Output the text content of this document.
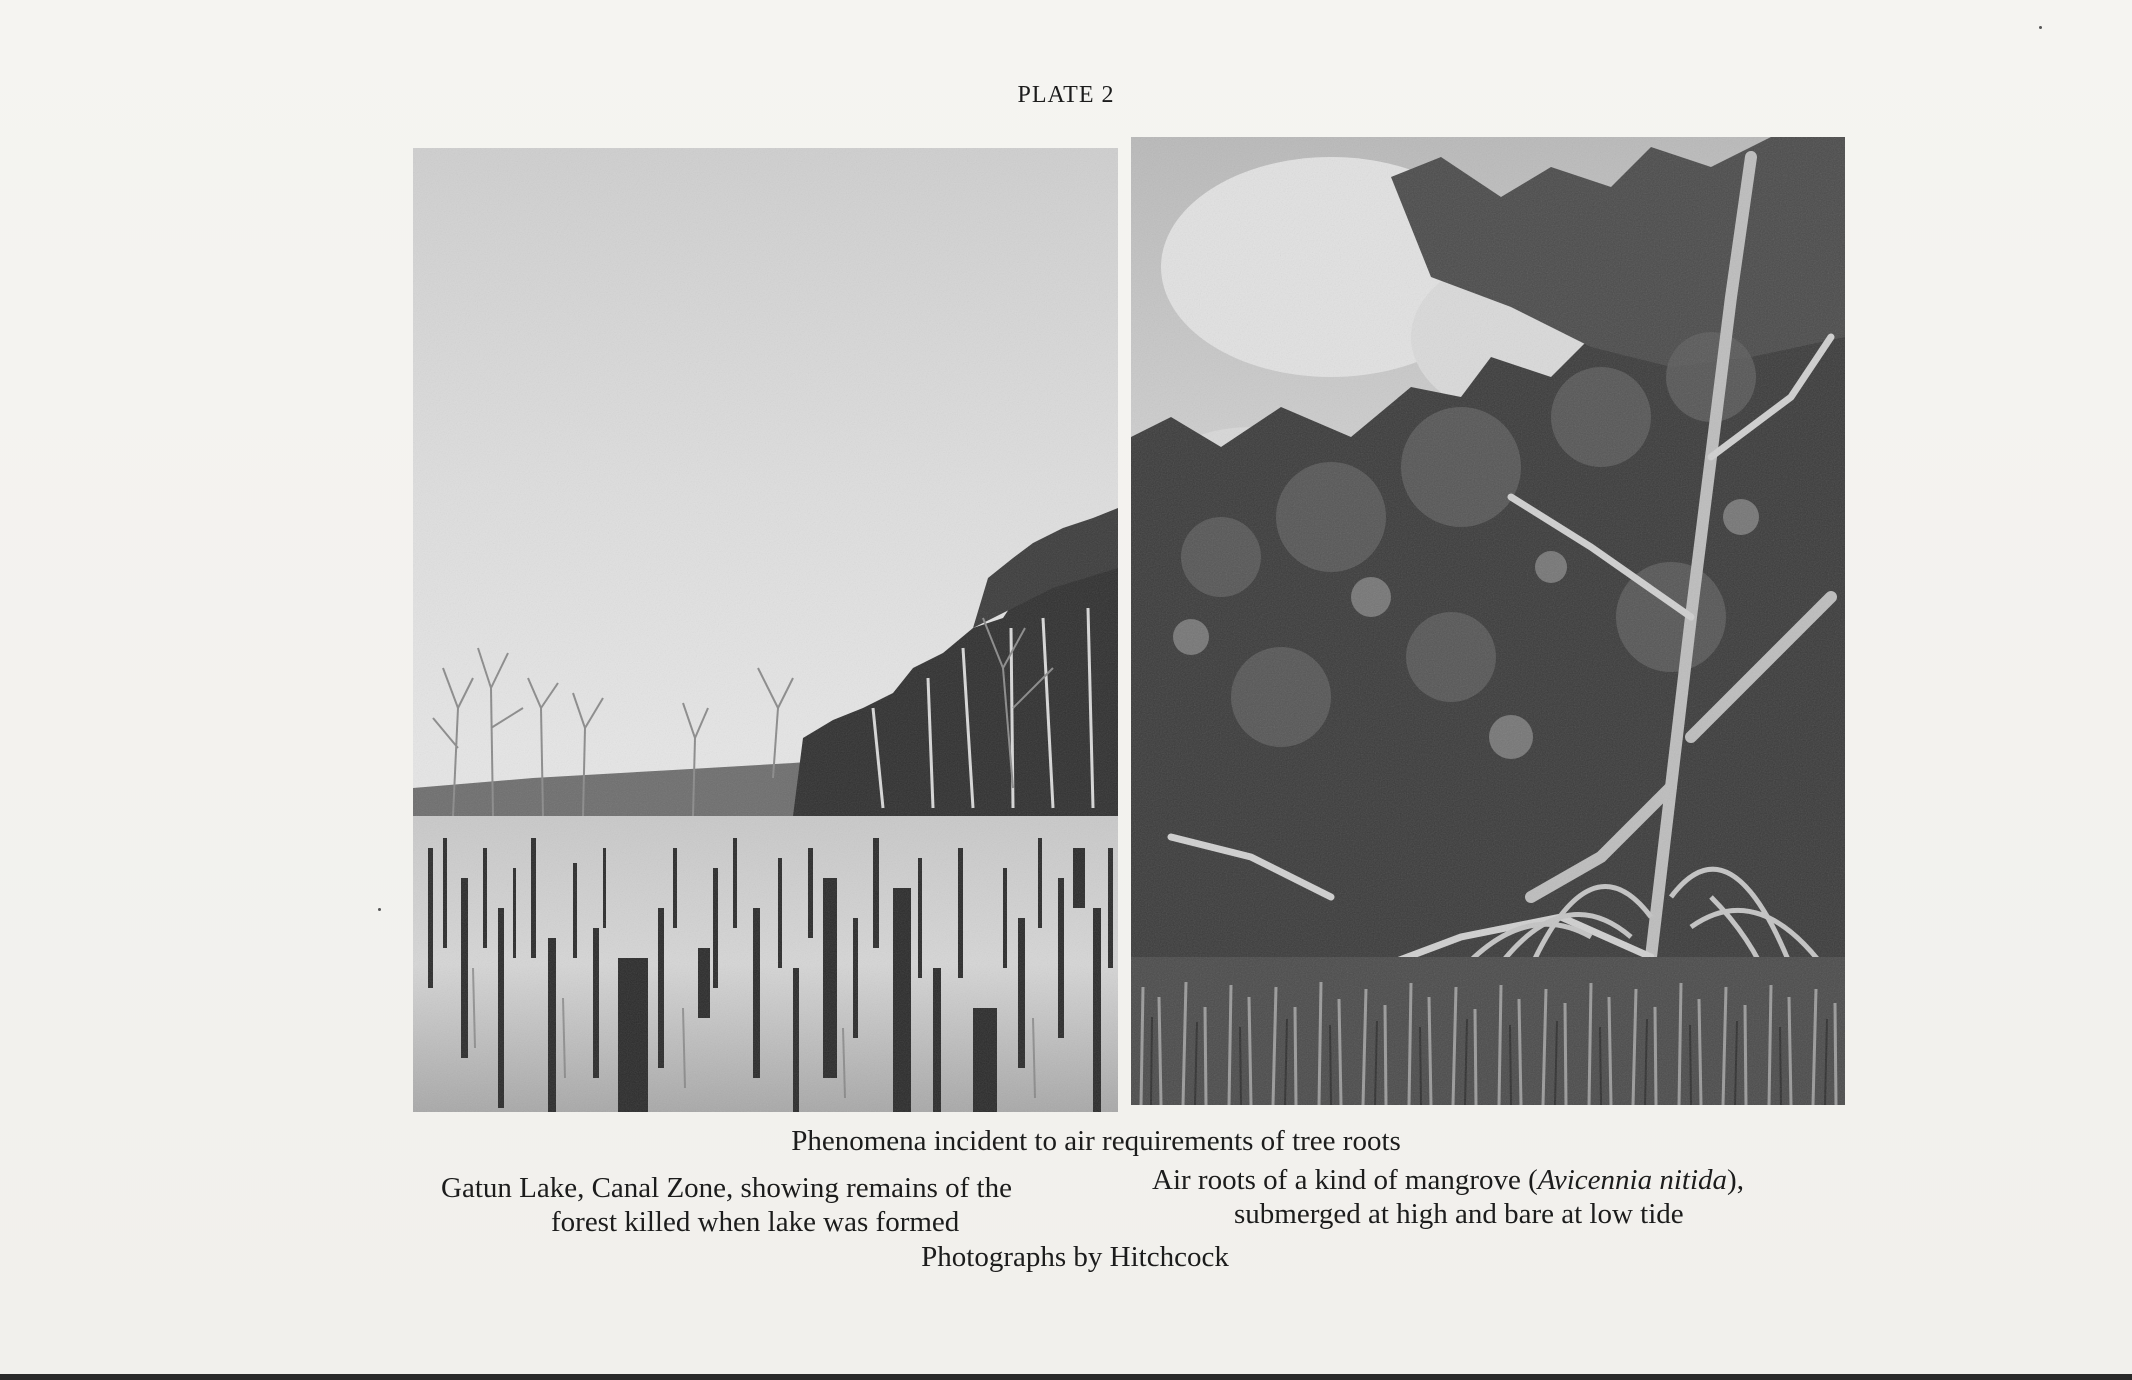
PLATE 2
Phenomena incident to air requirements of tree roots
Gatun Lake, Canal Zone, showing remains of the
forest killed when lake was formed
Air roots of a kind of mangrove (Avicennia nitida),
submerged at high and bare at low tide
Photographs by Hitchcock
